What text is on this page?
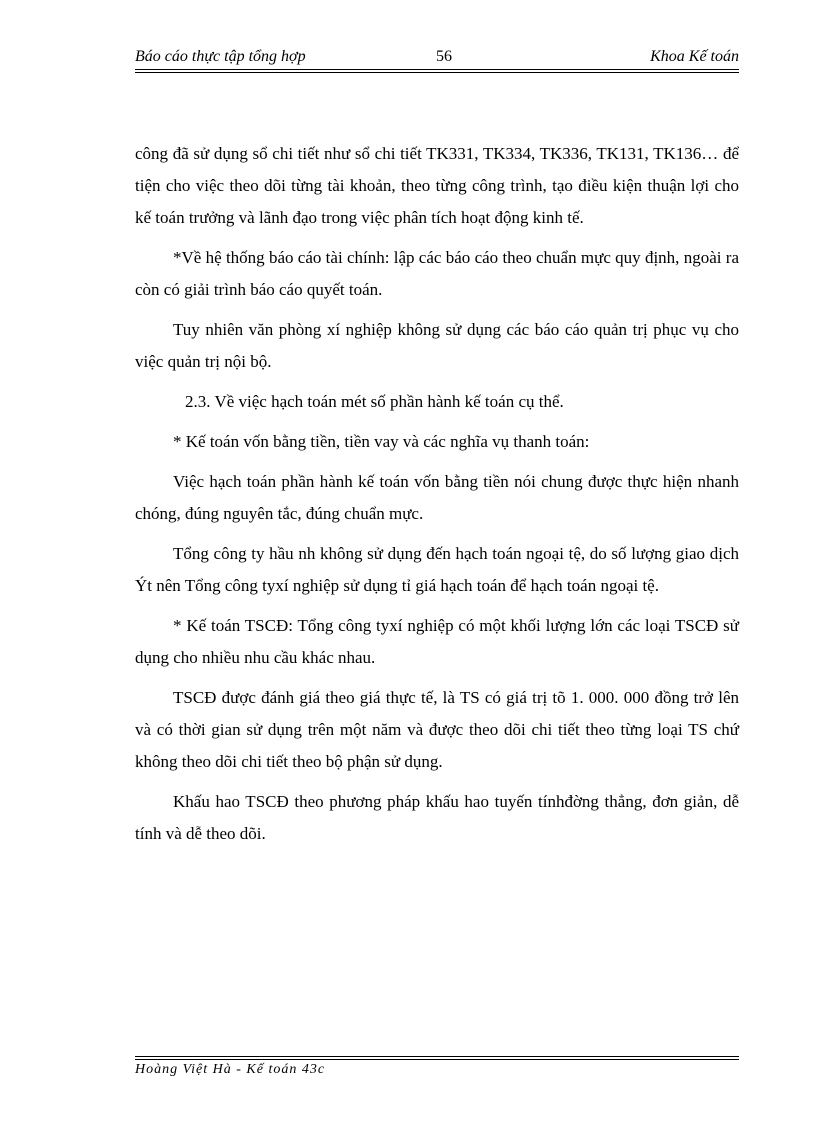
Báo cáo thực tập tổng hợp	56	Khoa Kế toán

công đã sử dụng sổ chi tiết như sổ chi tiết TK331, TK334, TK336, TK131, TK136… để tiện cho việc theo dõi từng tài khoản, theo từng công trình, tạo điều kiện thuận lợi cho kế toán trưởng và lãnh đạo trong việc phân tích hoạt động kinh tế.

*Về hệ thống báo cáo tài chính: lập các báo cáo theo chuẩn mực quy định, ngoài ra còn có giải trình báo cáo quyết toán.

Tuy nhiên văn phòng xí nghiệp không sử dụng các báo cáo quản trị phục vụ cho việc quản trị nội bộ.

2.3. Về việc hạch toán mét số phần hành kế toán cụ thể.

* Kế toán vốn bằng tiền, tiền vay và các nghĩa vụ thanh toán:

Việc hạch toán phần hành kế toán vốn bằng tiền nói chung được thực hiện nhanh chóng, đúng nguyên tắc, đúng chuẩn mực.

Tổng công ty hầu nh không sử dụng đến hạch toán ngoại tệ, do số lượng giao dịch Ýt nên Tổng công tyxí nghiệp sử dụng tỉ giá hạch toán để hạch toán ngoại tệ.

* Kế toán TSCĐ: Tổng công tyxí nghiệp có một khối lượng lớn các loại TSCĐ sử dụng cho nhiều nhu cầu khác nhau.

TSCĐ được đánh giá theo giá thực tế, là TS có giá trị tõ 1. 000. 000 đồng trở lên và có thời gian sử dụng trên một năm và được theo dõi chi tiết theo từng loại TS chứ không theo dõi chi tiết theo bộ phận sử dụng.

Khấu hao TSCĐ theo phương pháp khấu hao tuyến tínhđờng thẳng, đơn giản, dễ tính và dễ theo dõi.

Hoàng Việt Hà - Kế toán 43c
